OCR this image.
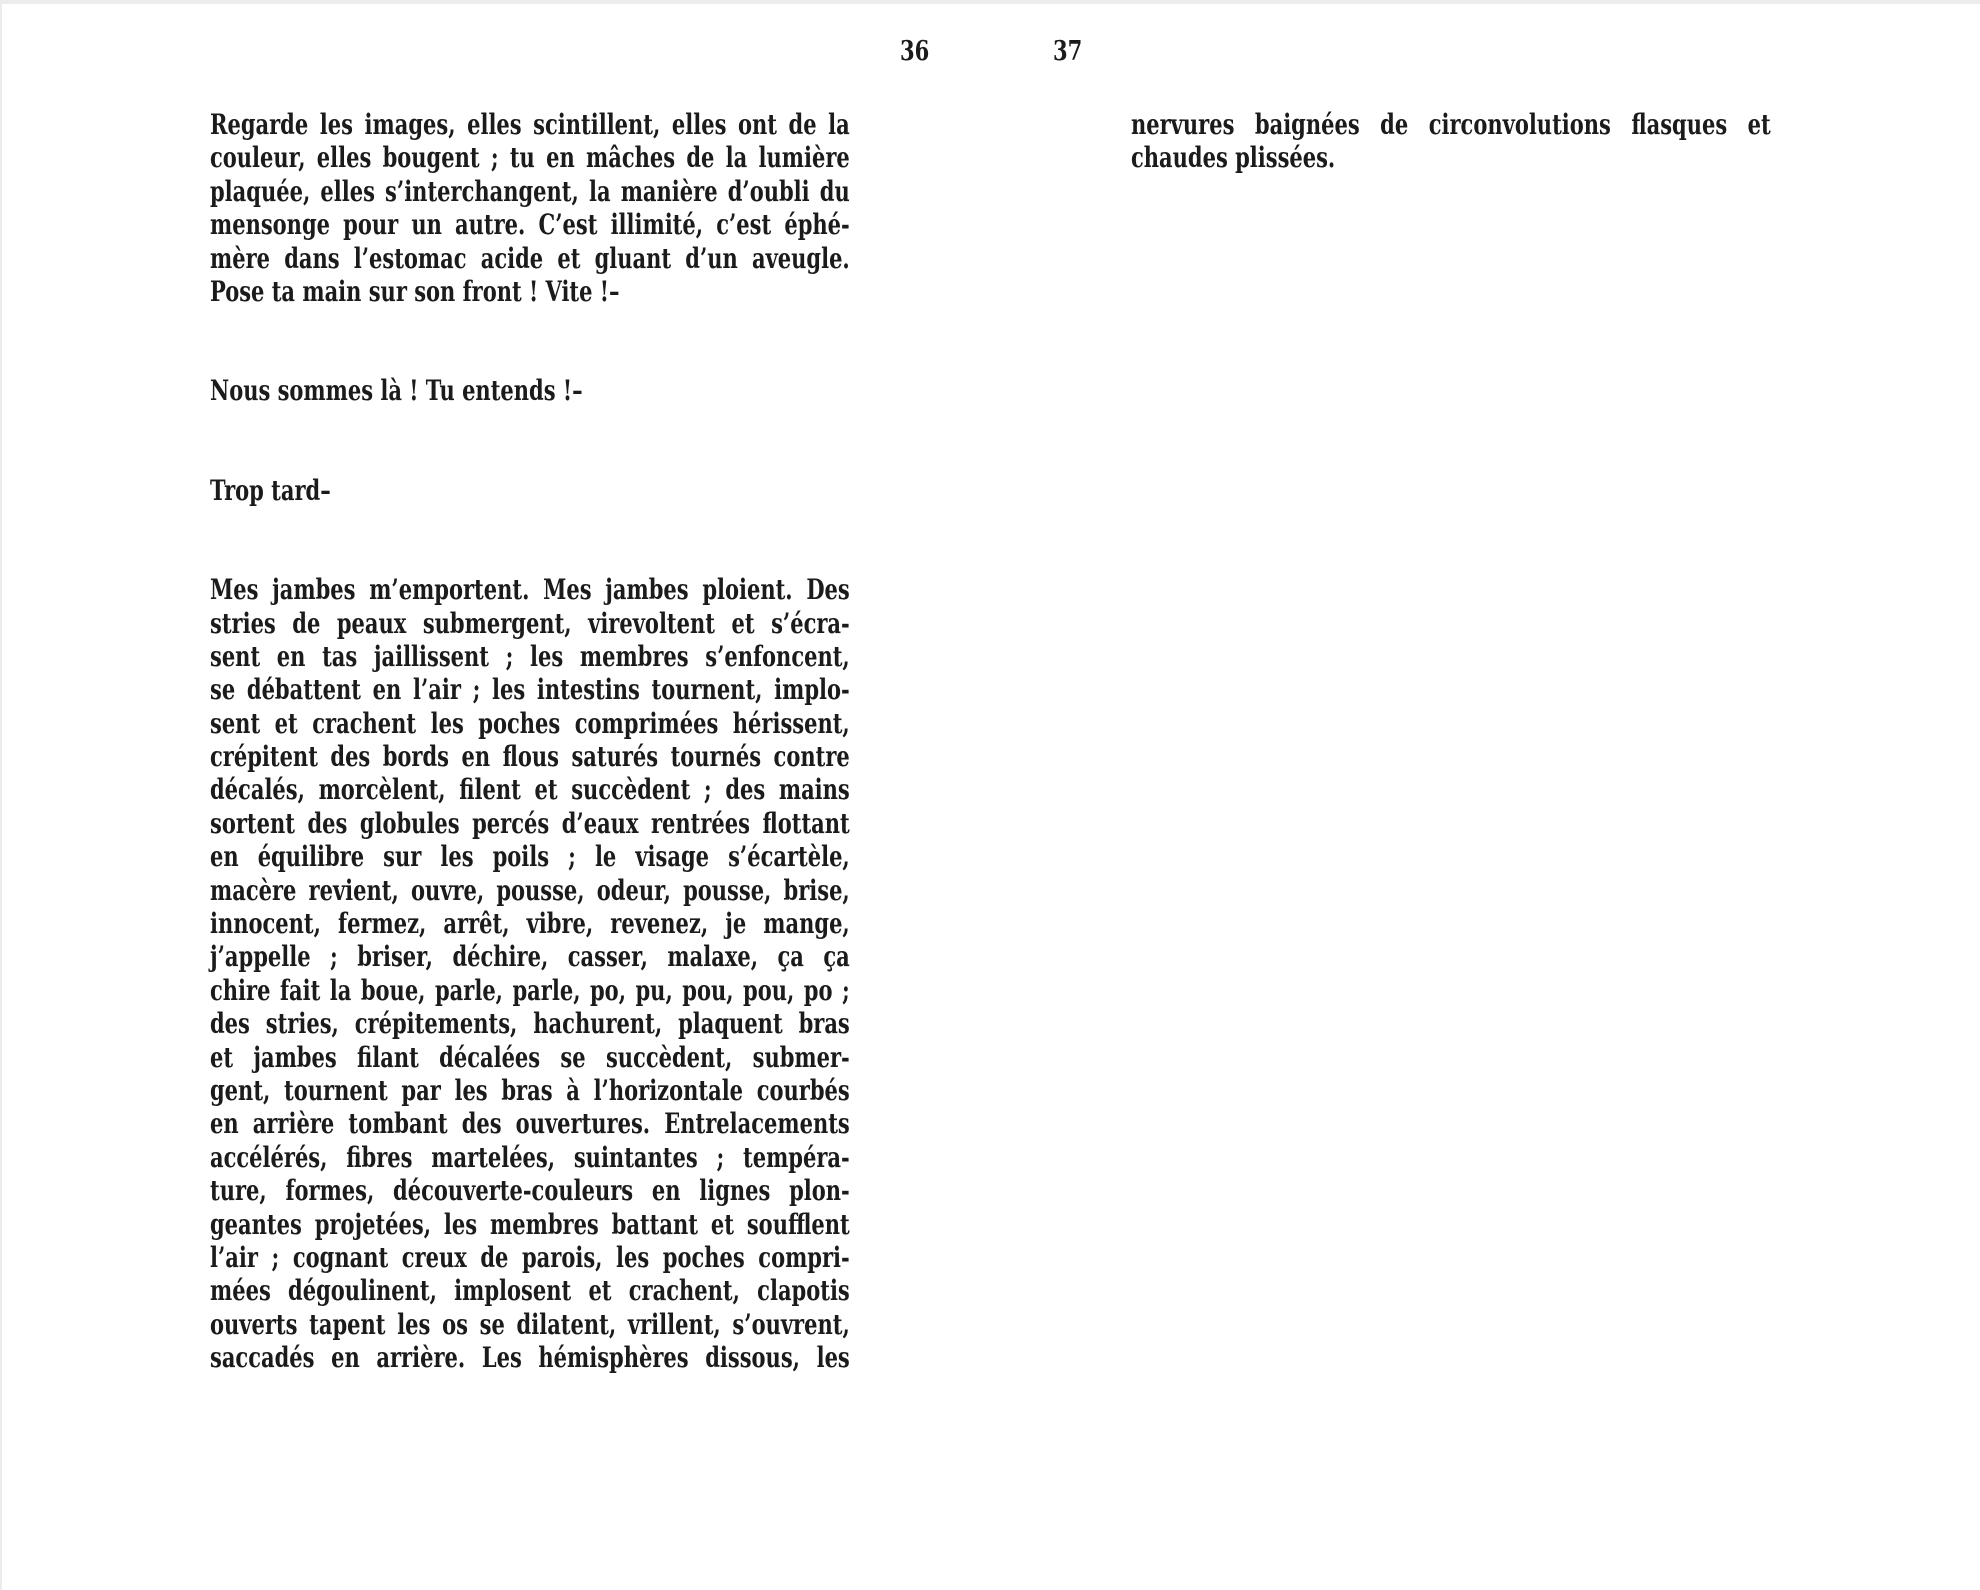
36	37
Regarde les images, elles scintillent, elles ont de la
couleur, elles bougent ; tu en mâches de la lumière
plaquée, elles s’interchangent, la manière d’oubli du
mensonge pour un autre. C’est illimité, c’est éphé-
mère dans l’estomac acide et gluant d’un aveugle.
Pose ta main sur son front ! Vite !–
Nous sommes là ! Tu entends !–
Trop tard–
Mes jambes m’emportent. Mes jambes ploient. Des
stries de peaux submergent, virevoltent et s’écra-
sent en tas jaillissent ; les membres s’enfoncent,
se débattent en l’air ; les intestins tournent, implo-
sent et crachent les poches comprimées hérissent,
crépitent des bords en flous saturés tournés contre
décalés, morcèlent, filent et succèdent ; des mains
sortent des globules percés d’eaux rentrées flottant
en équilibre sur les poils ; le visage s’écartèle,
macère revient, ouvre, pousse, odeur, pousse, brise,
innocent, fermez, arrêt, vibre, revenez, je mange,
j’appelle ; briser, déchire, casser, malaxe, ça ça
chire fait la boue, parle, parle, po, pu, pou, pou, po ;
des stries, crépitements, hachurent, plaquent bras
et jambes filant décalées se succèdent, submer-
gent, tournent par les bras à l’horizontale courbés
en arrière tombant des ouvertures. Entrelacements
accélérés, fibres martelées, suintantes ; tempéra-
ture, formes, découverte-couleurs en lignes plon-
geantes projetées, les membres battant et soufflent
l’air ; cognant creux de parois, les poches compri-
mées dégoulinent, implosent et crachent, clapotis
ouverts tapent les os se dilatent, vrillent, s’ouvrent,
saccadés en arrière. Les hémisphères dissous, les
nervures baignées de circonvolutions flasques et
chaudes plissées.
